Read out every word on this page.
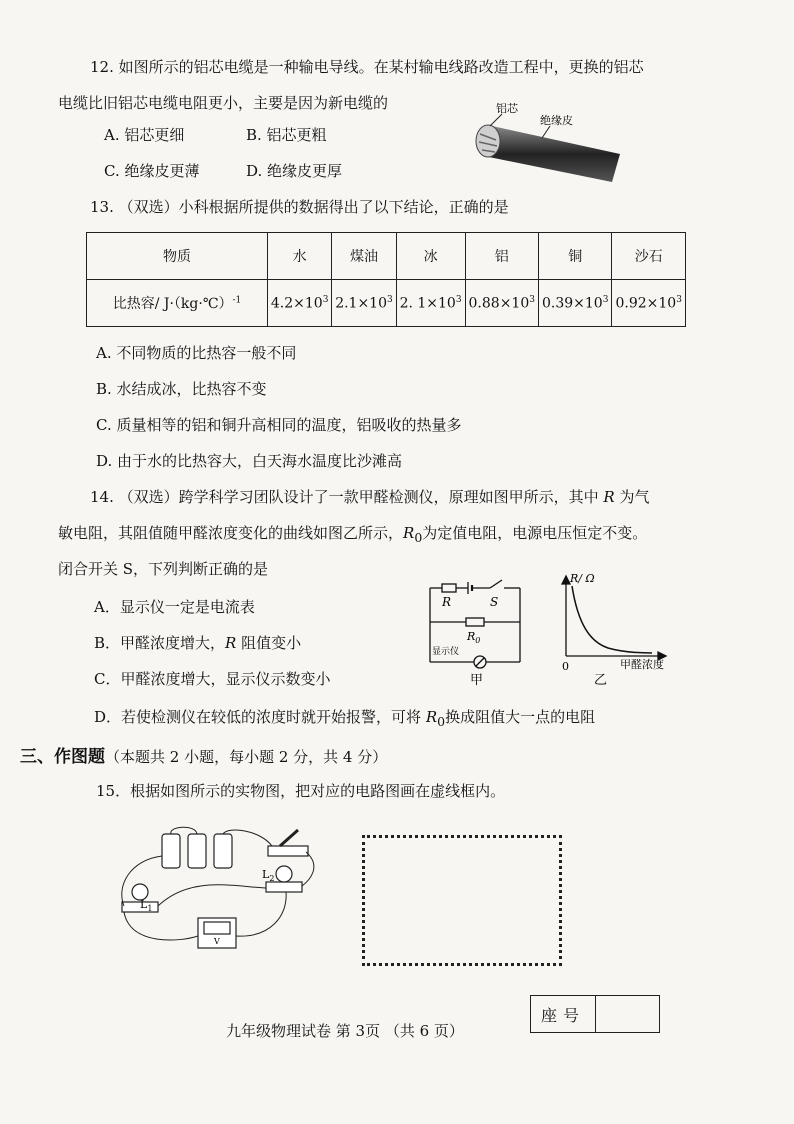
12. 如图所示的铝芯电缆是一种输电导线。在某村输电线路改造工程中，更换的铝芯
电缆比旧铝芯电缆电阻更小，主要是因为新电缆的
A. 铝芯更细	B. 铝芯更粗
C. 绝缘皮更薄	D. 绝缘皮更厚
铝芯
绝缘皮
13. （双选）小科根据所提供的数据得出了以下结论，正确的是
物质	水	煤油	冰	铝	铜	沙石
比热容/ J·（kg·℃）$^{-1}$	$4.2\times 10^3$	$2.1\times 10^3$	2. $1\times 10^3$	$0.88\times 10^3$	$0.39\times 10^3$	$0.92\times 10^3$
A. 不同物质的比热容一般不同
B. 水结成冰，比热容不变
C. 质量相等的铝和铜升高相同的温度，铝吸收的热量多
D. 由于水的比热容大，白天海水温度比沙滩高
14. （双选）跨学科学习团队设计了一款甲醛检测仪，原理如图甲所示，其中 R 为气
敏电阻，其阻值随甲醛浓度变化的曲线如图乙所示，$R_0$为定值电阻，电源电压恒定不变。
闭合开关 S，下列判断正确的是
A．显示仪一定是电流表
B．甲醛浓度增大，R 阻值变小
C．甲醛浓度增大，显示仪示数变小
D．若使检测仪在较低的浓度时就开始报警，可将 $R_0$换成阻值大一点的电阻
R	S
$R_0$
显示仪
甲
R/ Ω
0	甲醛浓度
乙
三、作图题（本题共 2 小题，每小题 2 分，共 4 分）
15．根据如图所示的实物图，把对应的电路图画在虚线框内。
$L_1$
$L_2$
V
九年级物理试卷 第 3页 （共 6 页）
座号
